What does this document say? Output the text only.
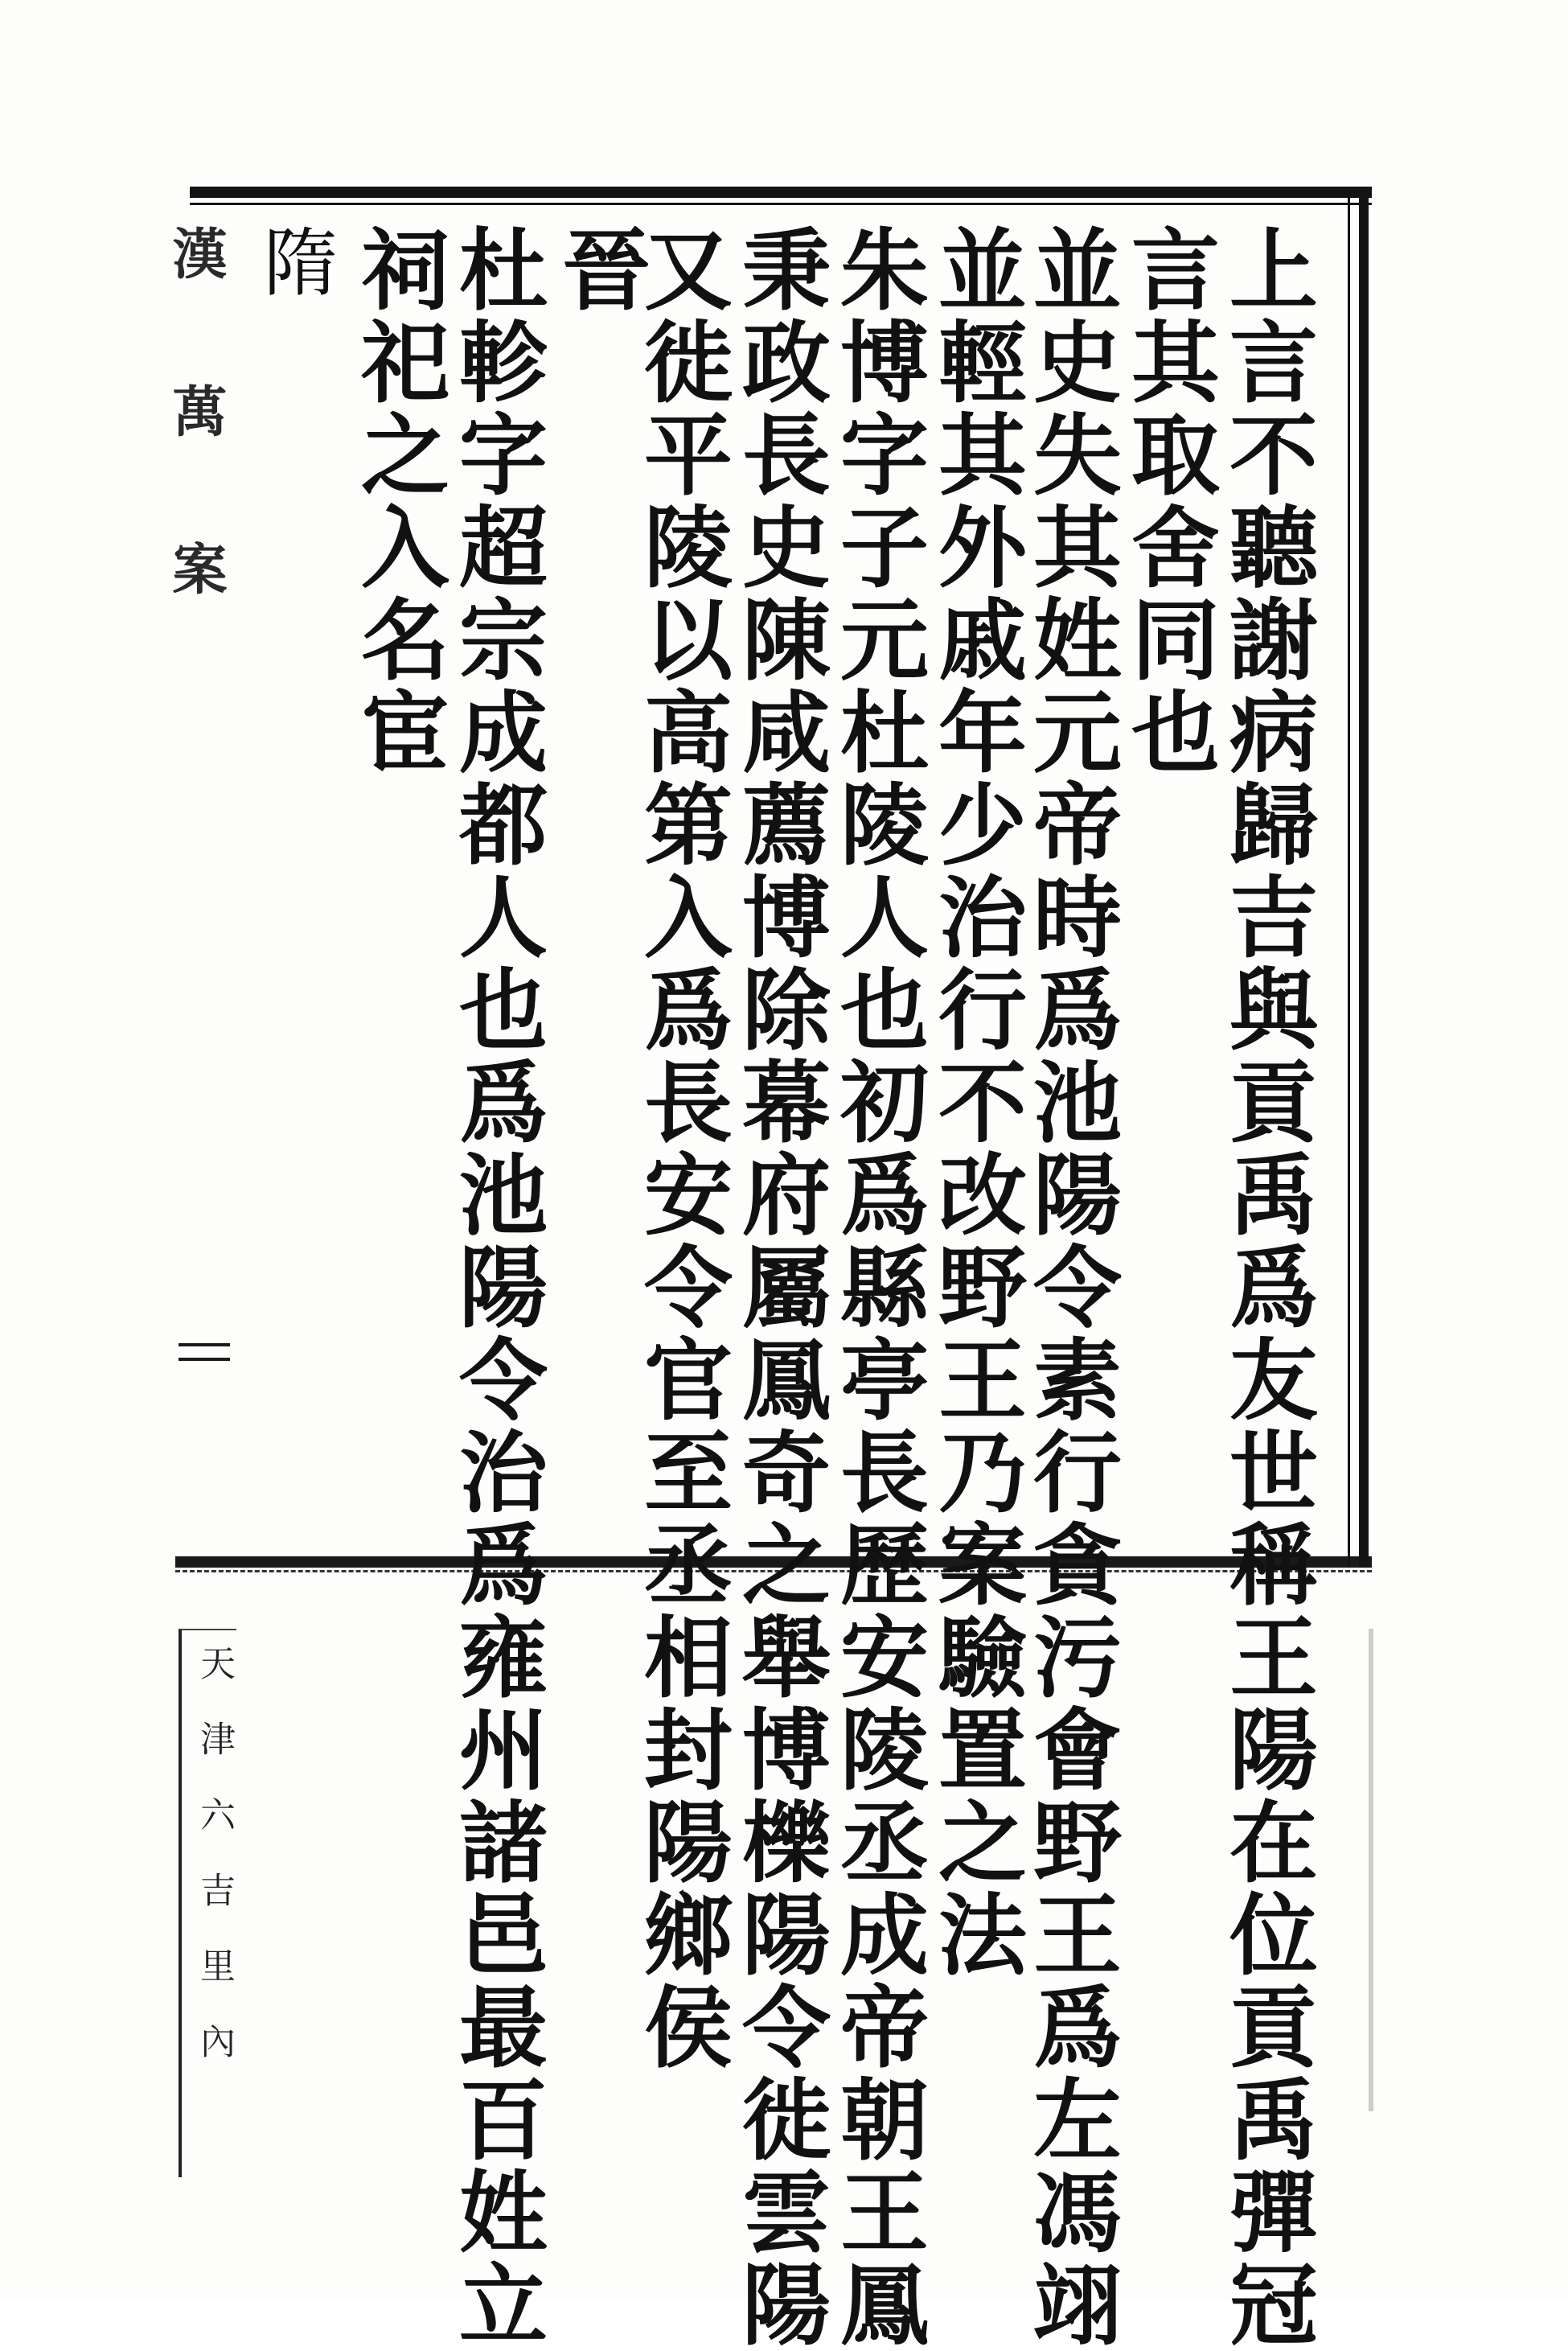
上言不聽謝病歸吉與貢禹爲友世稱王陽在位貢禹彈冠
言其取舍同也
並史失其姓元帝時爲池陽令素行貪污會野王爲左馮翊
並輕其外戚年少治行不改野王乃案驗置之法
朱博字子元杜陵人也初爲縣亭長歷安陵丞成帝朝王鳳
秉政長史陳咸薦博除幕府屬鳳奇之舉博櫟陽令徙雲陽
又徙平陵以高第入爲長安令官至丞相封陽鄉侯
晉
杜軫字超宗成都人也爲池陽令治爲雍州諸邑最百姓立
祠祀之入名宦
隋
漢 萬 案
天津六吉里內
